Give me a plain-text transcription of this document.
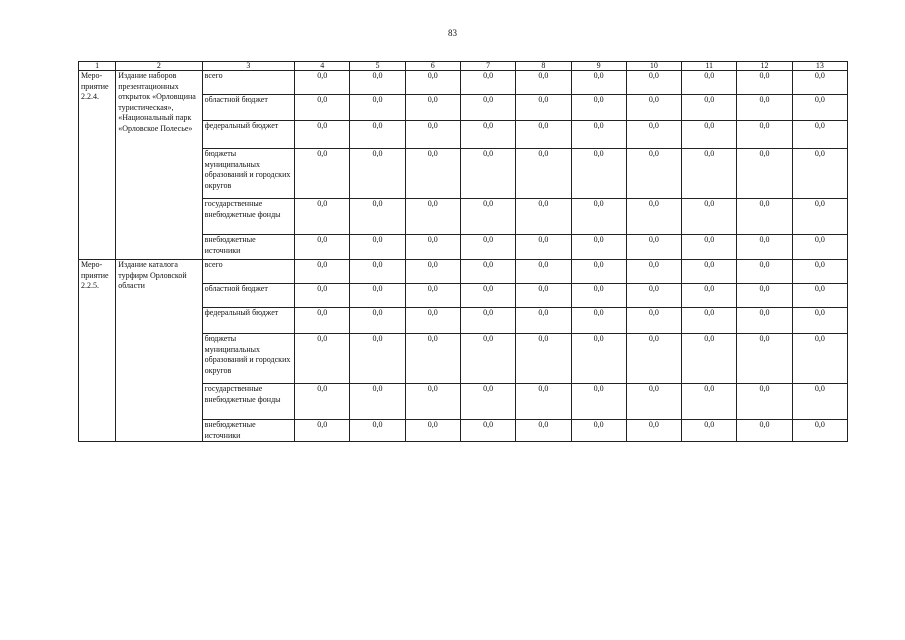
83
1	2	3	4	5	6	7	8	9	10	11	12	13

Меро-
приятие
2.2.4.	Издание наборов презентационных открыток «Орловщина туристическая», «Национальный парк «Орловское Полесье»	всего	0,0	0,0	0,0	0,0	0,0	0,0	0,0	0,0	0,0	0,0
		областной бюджет	0,0	0,0	0,0	0,0	0,0	0,0	0,0	0,0	0,0	0,0
		федеральный бюджет	0,0	0,0	0,0	0,0	0,0	0,0	0,0	0,0	0,0	0,0
		бюджеты муниципальных образований и городских округов	0,0	0,0	0,0	0,0	0,0	0,0	0,0	0,0	0,0	0,0
		государственные внебюджетные фонды	0,0	0,0	0,0	0,0	0,0	0,0	0,0	0,0	0,0	0,0
		внебюджетные источники	0,0	0,0	0,0	0,0	0,0	0,0	0,0	0,0	0,0	0,0

Меро-
приятие
2.2.5.	Издание каталога турфирм Орловской области	всего	0,0	0,0	0,0	0,0	0,0	0,0	0,0	0,0	0,0	0,0
		областной бюджет	0,0	0,0	0,0	0,0	0,0	0,0	0,0	0,0	0,0	0,0
		федеральный бюджет	0,0	0,0	0,0	0,0	0,0	0,0	0,0	0,0	0,0	0,0
		бюджеты муниципальных образований и городских округов	0,0	0,0	0,0	0,0	0,0	0,0	0,0	0,0	0,0	0,0
		государственные внебюджетные фонды	0,0	0,0	0,0	0,0	0,0	0,0	0,0	0,0	0,0	0,0
		внебюджетные источники	0,0	0,0	0,0	0,0	0,0	0,0	0,0	0,0	0,0	0,0
